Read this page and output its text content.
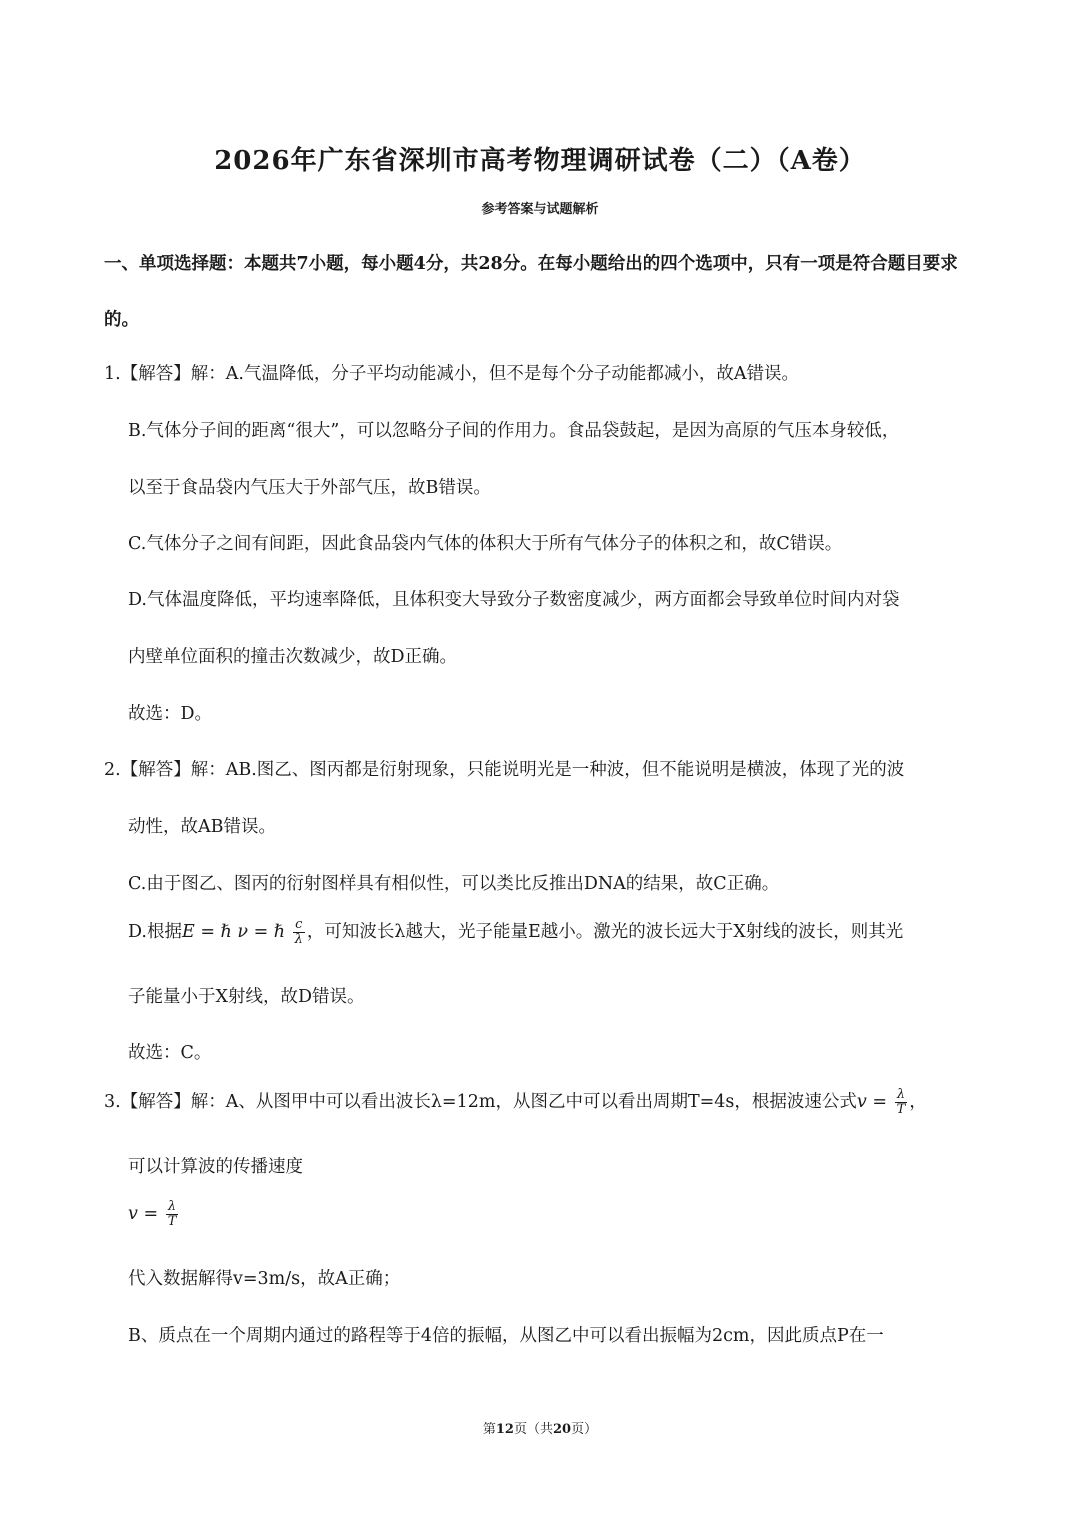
2026年广东省深圳市高考物理调研试卷（二）（A卷）
参考答案与试题解析
一、单项选择题：本题共7小题，每小题4分，共28分。在每小题给出的四个选项中，只有一项是符合题目要求的。
1.【解答】解：A.气温降低，分子平均动能减小，但不是每个分子动能都减小，故A错误。
B.气体分子间的距离“很大”，可以忽略分子间的作用力。食品袋鼓起，是因为高原的气压本身较低，
以至于食品袋内气压大于外部气压，故B错误。
C.气体分子之间有间距，因此食品袋内气体的体积大于所有气体分子的体积之和，故C错误。
D.气体温度降低，平均速率降低，且体积变大导致分子数密度减少，两方面都会导致单位时间内对袋
内壁单位面积的撞击次数减少，故D正确。
故选：D。
2.【解答】解：AB.图乙、图丙都是衍射现象，只能说明光是一种波，但不能说明是横波，体现了光的波
动性，故AB错误。
C.由于图乙、图丙的衍射图样具有相似性，可以类比反推出DNA的结果，故C正确。
D.根据E = ℏ ν = ℏ $\frac{c}{\lambda}$ ，可知波长λ越大，光子能量E越小。激光的波长远大于X射线的波长，则其光
子能量小于X射线，故D错误。
故选：C。
3.【解答】解：A、从图甲中可以看出波长λ=12m，从图乙中可以看出周期T=4s，根据波速公式$v = \frac{\lambda}{T}$ ，
可以计算波的传播速度
$v = \frac{\lambda}{T}$
代入数据解得v=3m/s，故A正确；
B、质点在一个周期内通过的路程等于4倍的振幅，从图乙中可以看出振幅为2cm，因此质点P在一
第12页（共20页）
